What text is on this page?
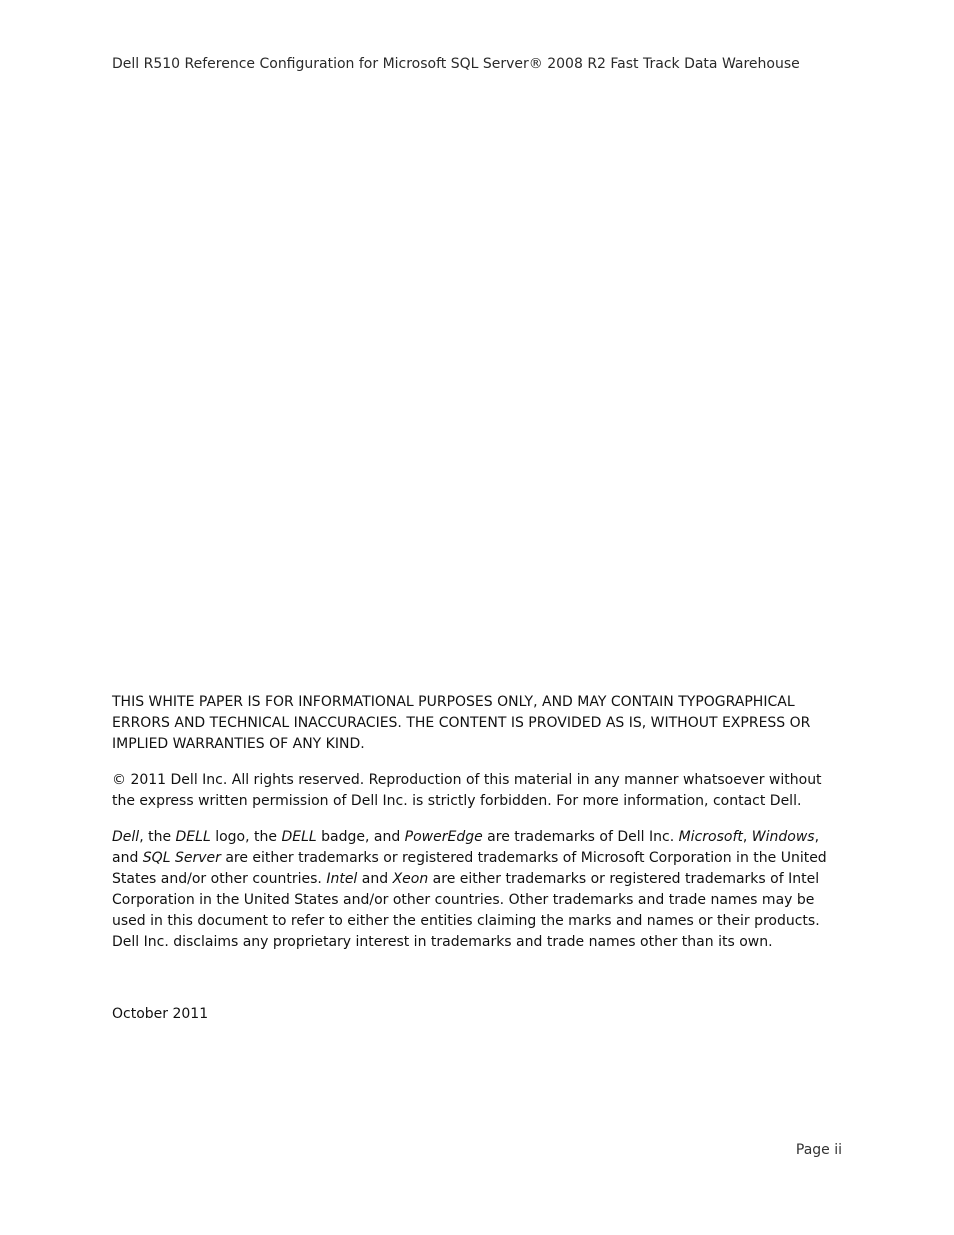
Dell R510 Reference Configuration for Microsoft SQL Server® 2008 R2 Fast Track Data Warehouse

THIS WHITE PAPER IS FOR INFORMATIONAL PURPOSES ONLY, AND MAY CONTAIN TYPOGRAPHICAL ERRORS AND TECHNICAL INACCURACIES. THE CONTENT IS PROVIDED AS IS, WITHOUT EXPRESS OR IMPLIED WARRANTIES OF ANY KIND.

© 2011 Dell Inc. All rights reserved. Reproduction of this material in any manner whatsoever without the express written permission of Dell Inc. is strictly forbidden. For more information, contact Dell.

Dell, the DELL logo, the DELL badge, and PowerEdge are trademarks of Dell Inc. Microsoft, Windows, and SQL Server are either trademarks or registered trademarks of Microsoft Corporation in the United States and/or other countries. Intel and Xeon are either trademarks or registered trademarks of Intel Corporation in the United States and/or other countries. Other trademarks and trade names may be used in this document to refer to either the entities claiming the marks and names or their products. Dell Inc. disclaims any proprietary interest in trademarks and trade names other than its own.

October 2011
Page ii
